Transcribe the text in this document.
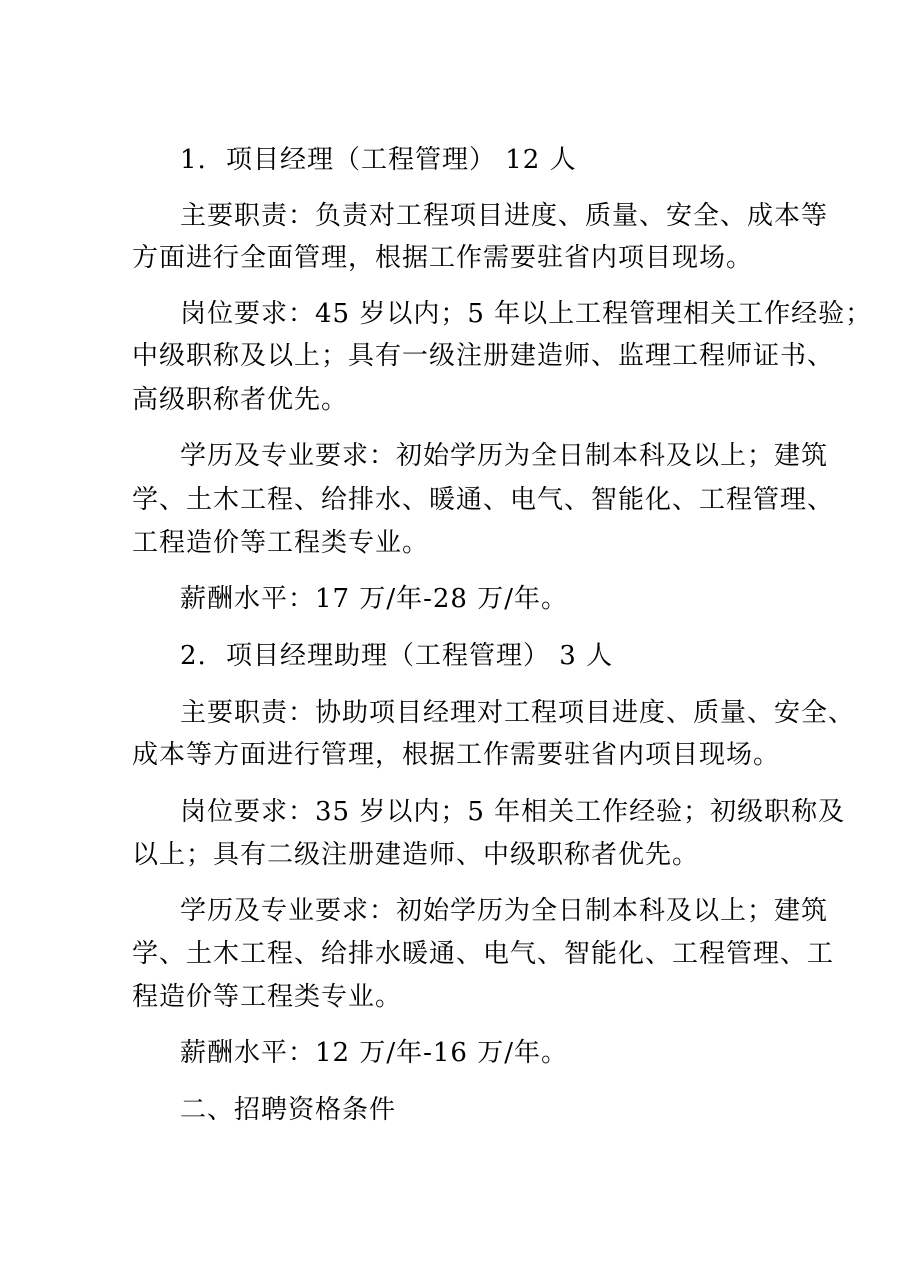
1. 项目经理（工程管理） 12 人

主要职责：负责对工程项目进度、质量、安全、成本等

方面进行全面管理，根据工作需要驻省内项目现场。

岗位要求：45 岁以内；5 年以上工程管理相关工作经验；

中级职称及以上；具有一级注册建造师、监理工程师证书、

高级职称者优先。

学历及专业要求：初始学历为全日制本科及以上；建筑

学、土木工程、给排水、暖通、电气、智能化、工程管理、

工程造价等工程类专业。

薪酬水平：17 万/年-28 万/年。

2. 项目经理助理（工程管理） 3 人

主要职责：协助项目经理对工程项目进度、质量、安全、

成本等方面进行管理，根据工作需要驻省内项目现场。

岗位要求：35 岁以内；5 年相关工作经验；初级职称及

以上；具有二级注册建造师、中级职称者优先。

学历及专业要求：初始学历为全日制本科及以上；建筑

学、土木工程、给排水暖通、电气、智能化、工程管理、工

程造价等工程类专业。

薪酬水平：12 万/年-16 万/年。

二、招聘资格条件
